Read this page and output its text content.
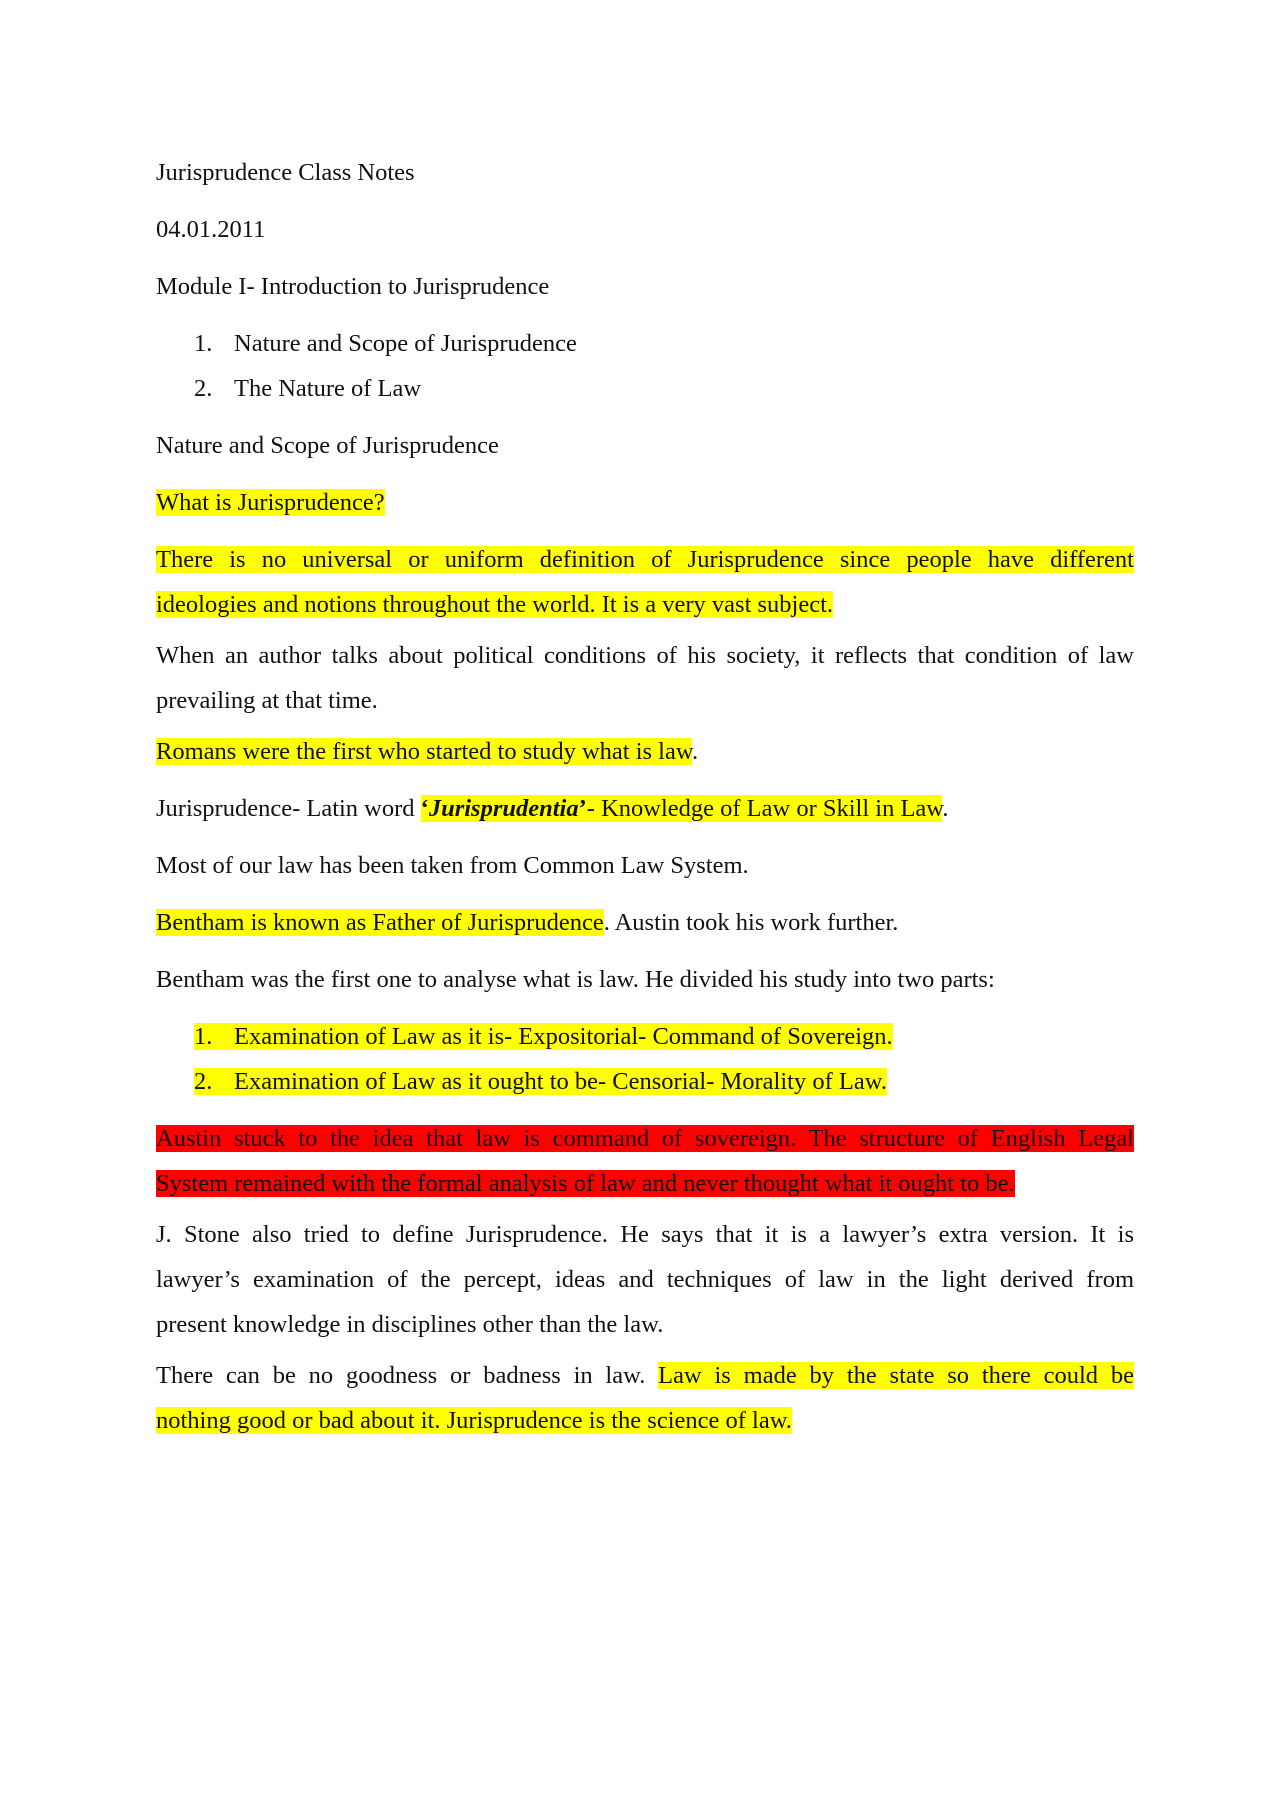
Jurisprudence Class Notes
04.01.2011
Module I- Introduction to Jurisprudence
1. Nature and Scope of Jurisprudence
2. The Nature of Law
Nature and Scope of Jurisprudence
What is Jurisprudence?
There is no universal or uniform definition of Jurisprudence since people have different
ideologies and notions throughout the world. It is a very vast subject.
When an author talks about political conditions of his society, it reflects that condition of law
prevailing at that time.
Romans were the first who started to study what is law.
Jurisprudence- Latin word ‘Jurisprudentia’- Knowledge of Law or Skill in Law.
Most of our law has been taken from Common Law System.
Bentham is known as Father of Jurisprudence. Austin took his work further.
Bentham was the first one to analyse what is law. He divided his study into two parts:
1. Examination of Law as it is- Expositorial- Command of Sovereign.
2. Examination of Law as it ought to be- Censorial- Morality of Law.
Austin stuck to the idea that law is command of sovereign. The structure of English Legal
System remained with the formal analysis of law and never thought what it ought to be.
J. Stone also tried to define Jurisprudence. He says that it is a lawyer’s extra version. It is
lawyer’s examination of the percept, ideas and techniques of law in the light derived from
present knowledge in disciplines other than the law.
There can be no goodness or badness in law. Law is made by the state so there could be
nothing good or bad about it. Jurisprudence is the science of law.
